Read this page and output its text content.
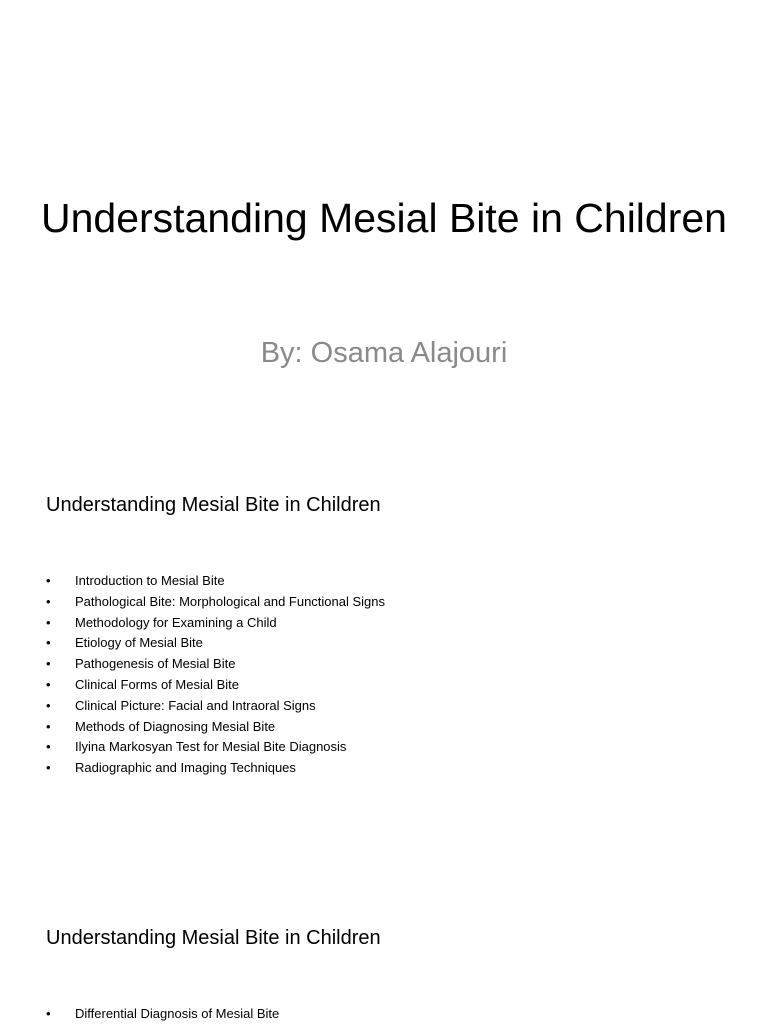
Understanding Mesial Bite in Children

By: Osama Alajouri

Understanding Mesial Bite in Children
• Introduction to Mesial Bite
• Pathological Bite: Morphological and Functional Signs
• Methodology for Examining a Child
• Etiology of Mesial Bite
• Pathogenesis of Mesial Bite
• Clinical Forms of Mesial Bite
• Clinical Picture: Facial and Intraoral Signs
• Methods of Diagnosing Mesial Bite
• Ilyina Markosyan Test for Mesial Bite Diagnosis
• Radiographic and Imaging Techniques
Understanding Mesial Bite in Children
• Differential Diagnosis of Mesial Bite
